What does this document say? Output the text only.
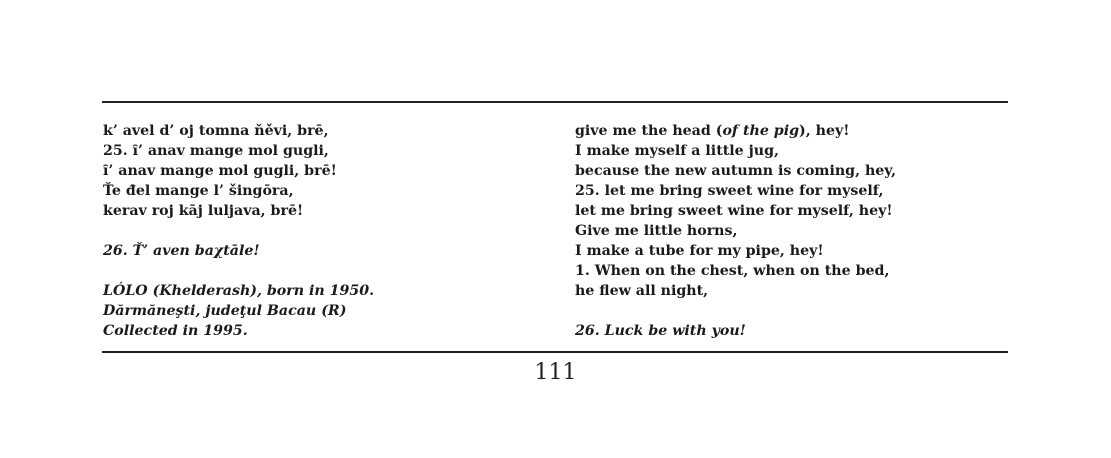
k’ avel d’ oj tomna ňěvi, brē,
25. ȋ’ anav mange mol gugli,
ȋ’ anav mange mol gugli, brē!
Ťe đel mange l’ šingōra,
kerav roj kāj luljava, brē!
26. Ť’ aven baχtāle!
LÓLO (Khelderash), born in 1950.
Dărmăneşti, judeţul Bacau (R)
Collected in 1995.
give me the head (of the pig), hey!
I make myself a little jug,
because the new autumn is coming, hey,
25. let me bring sweet wine for myself,
let me bring sweet wine for myself, hey!
Give me little horns,
I make a tube for my pipe, hey!
1. When on the chest, when on the bed,
he flew all night,
26. Luck be with you!
111
